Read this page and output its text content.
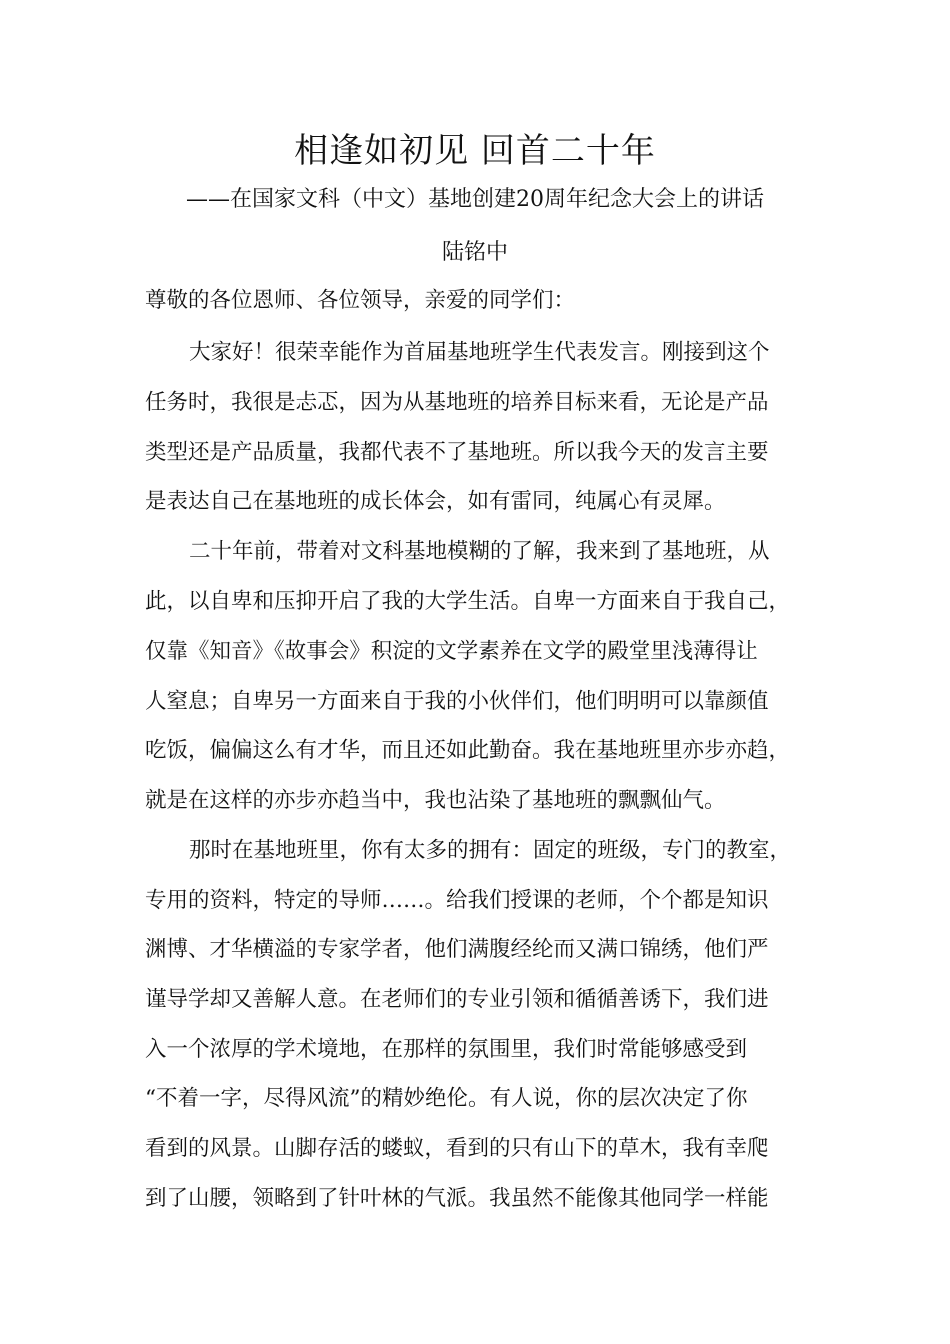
相逢如初见 回首二十年
——在国家文科（中文）基地创建20周年纪念大会上的讲话
陆铭中
尊敬的各位恩师、各位领导，亲爱的同学们：
大家好！很荣幸能作为首届基地班学生代表发言。刚接到这个
任务时，我很是忐忑，因为从基地班的培养目标来看，无论是产品
类型还是产品质量，我都代表不了基地班。所以我今天的发言主要
是表达自己在基地班的成长体会，如有雷同，纯属心有灵犀。
二十年前，带着对文科基地模糊的了解，我来到了基地班，从
此，以自卑和压抑开启了我的大学生活。自卑一方面来自于我自己，
仅靠《知音》《故事会》积淀的文学素养在文学的殿堂里浅薄得让
人窒息；自卑另一方面来自于我的小伙伴们，他们明明可以靠颜值
吃饭，偏偏这么有才华，而且还如此勤奋。我在基地班里亦步亦趋，
就是在这样的亦步亦趋当中，我也沾染了基地班的飘飘仙气。
那时在基地班里，你有太多的拥有：固定的班级，专门的教室，
专用的资料，特定的导师……。给我们授课的老师，个个都是知识
渊博、才华横溢的专家学者，他们满腹经纶而又满口锦绣，他们严
谨导学却又善解人意。在老师们的专业引领和循循善诱下，我们进
入一个浓厚的学术境地，在那样的氛围里，我们时常能够感受到
“不着一字，尽得风流”的精妙绝伦。有人说，你的层次决定了你
看到的风景。山脚存活的蝼蚁，看到的只有山下的草木，我有幸爬
到了山腰，领略到了针叶林的气派。我虽然不能像其他同学一样能
